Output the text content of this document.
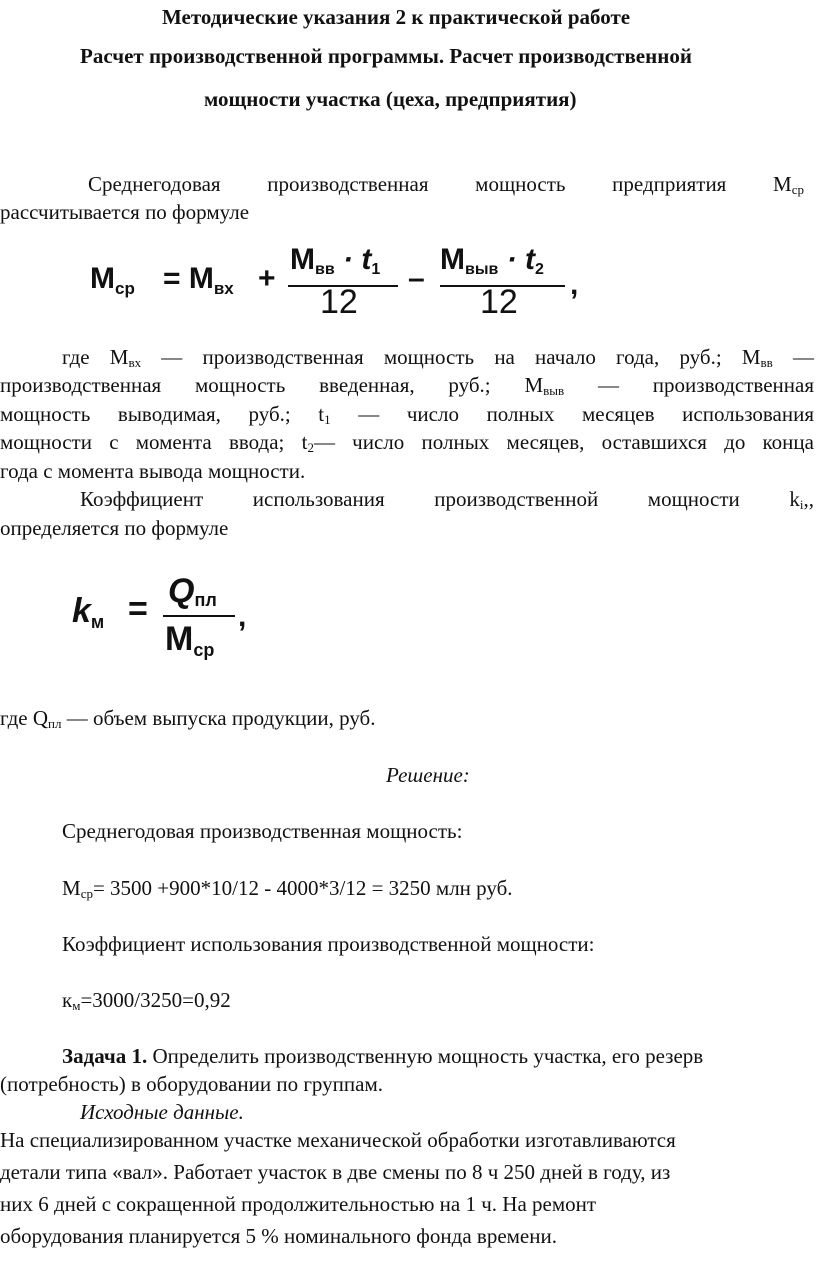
Методические указания 2 к практической работе
Расчет производственной программы. Расчет производственной
мощности участка (цеха, предприятия)
Среднегодовая производственная мощность предприятия $М_{ср}$
рассчитывается по формуле
$М_{ср} = М_{вх}$ +
$М_{вв} \cdot t_1$
12
–
$М_{выв} \cdot t_2$
12 ,
где $М_{вх}$ — производственная мощность на начало года, руб.; $М_{вв}$ —
производственная мощность введенная, руб.; $М_{выв}$ — производственная
мощность выводимая, руб.; $t_1$ — число полных месяцев использования
мощности с момента ввода; $t_2—$ число полных месяцев, оставшихся до конца
года с момента вывода мощности.
Коэффициент использования производственной мощности $k_i$,,
определяется по формуле
$k_м = Q_{пл}$
$М_{ср}$
,
где $Q_{пл}$ — объем выпуска продукции, руб.
Решение:
Среднегодовая производственная мощность:
$М_{ср}= 3500 +900*10/12 - 4000*3/12 = 3250$ млн руб.
Коэффициент использования производственной мощности:
$к_м=3000/3250=0,92$
Задача 1. Определить производственную мощность участка, его резерв
(потребность) в оборудовании по группам.
Исходные данные.
На специализированном участке механической обработки изготавливаются
детали типа «вал». Работает участок в две смены по 8 ч 250 дней в году, из
них 6 дней с сокращенной продолжительностью на 1 ч. На ремонт
оборудования планируется 5 % номинального фонда времени.
